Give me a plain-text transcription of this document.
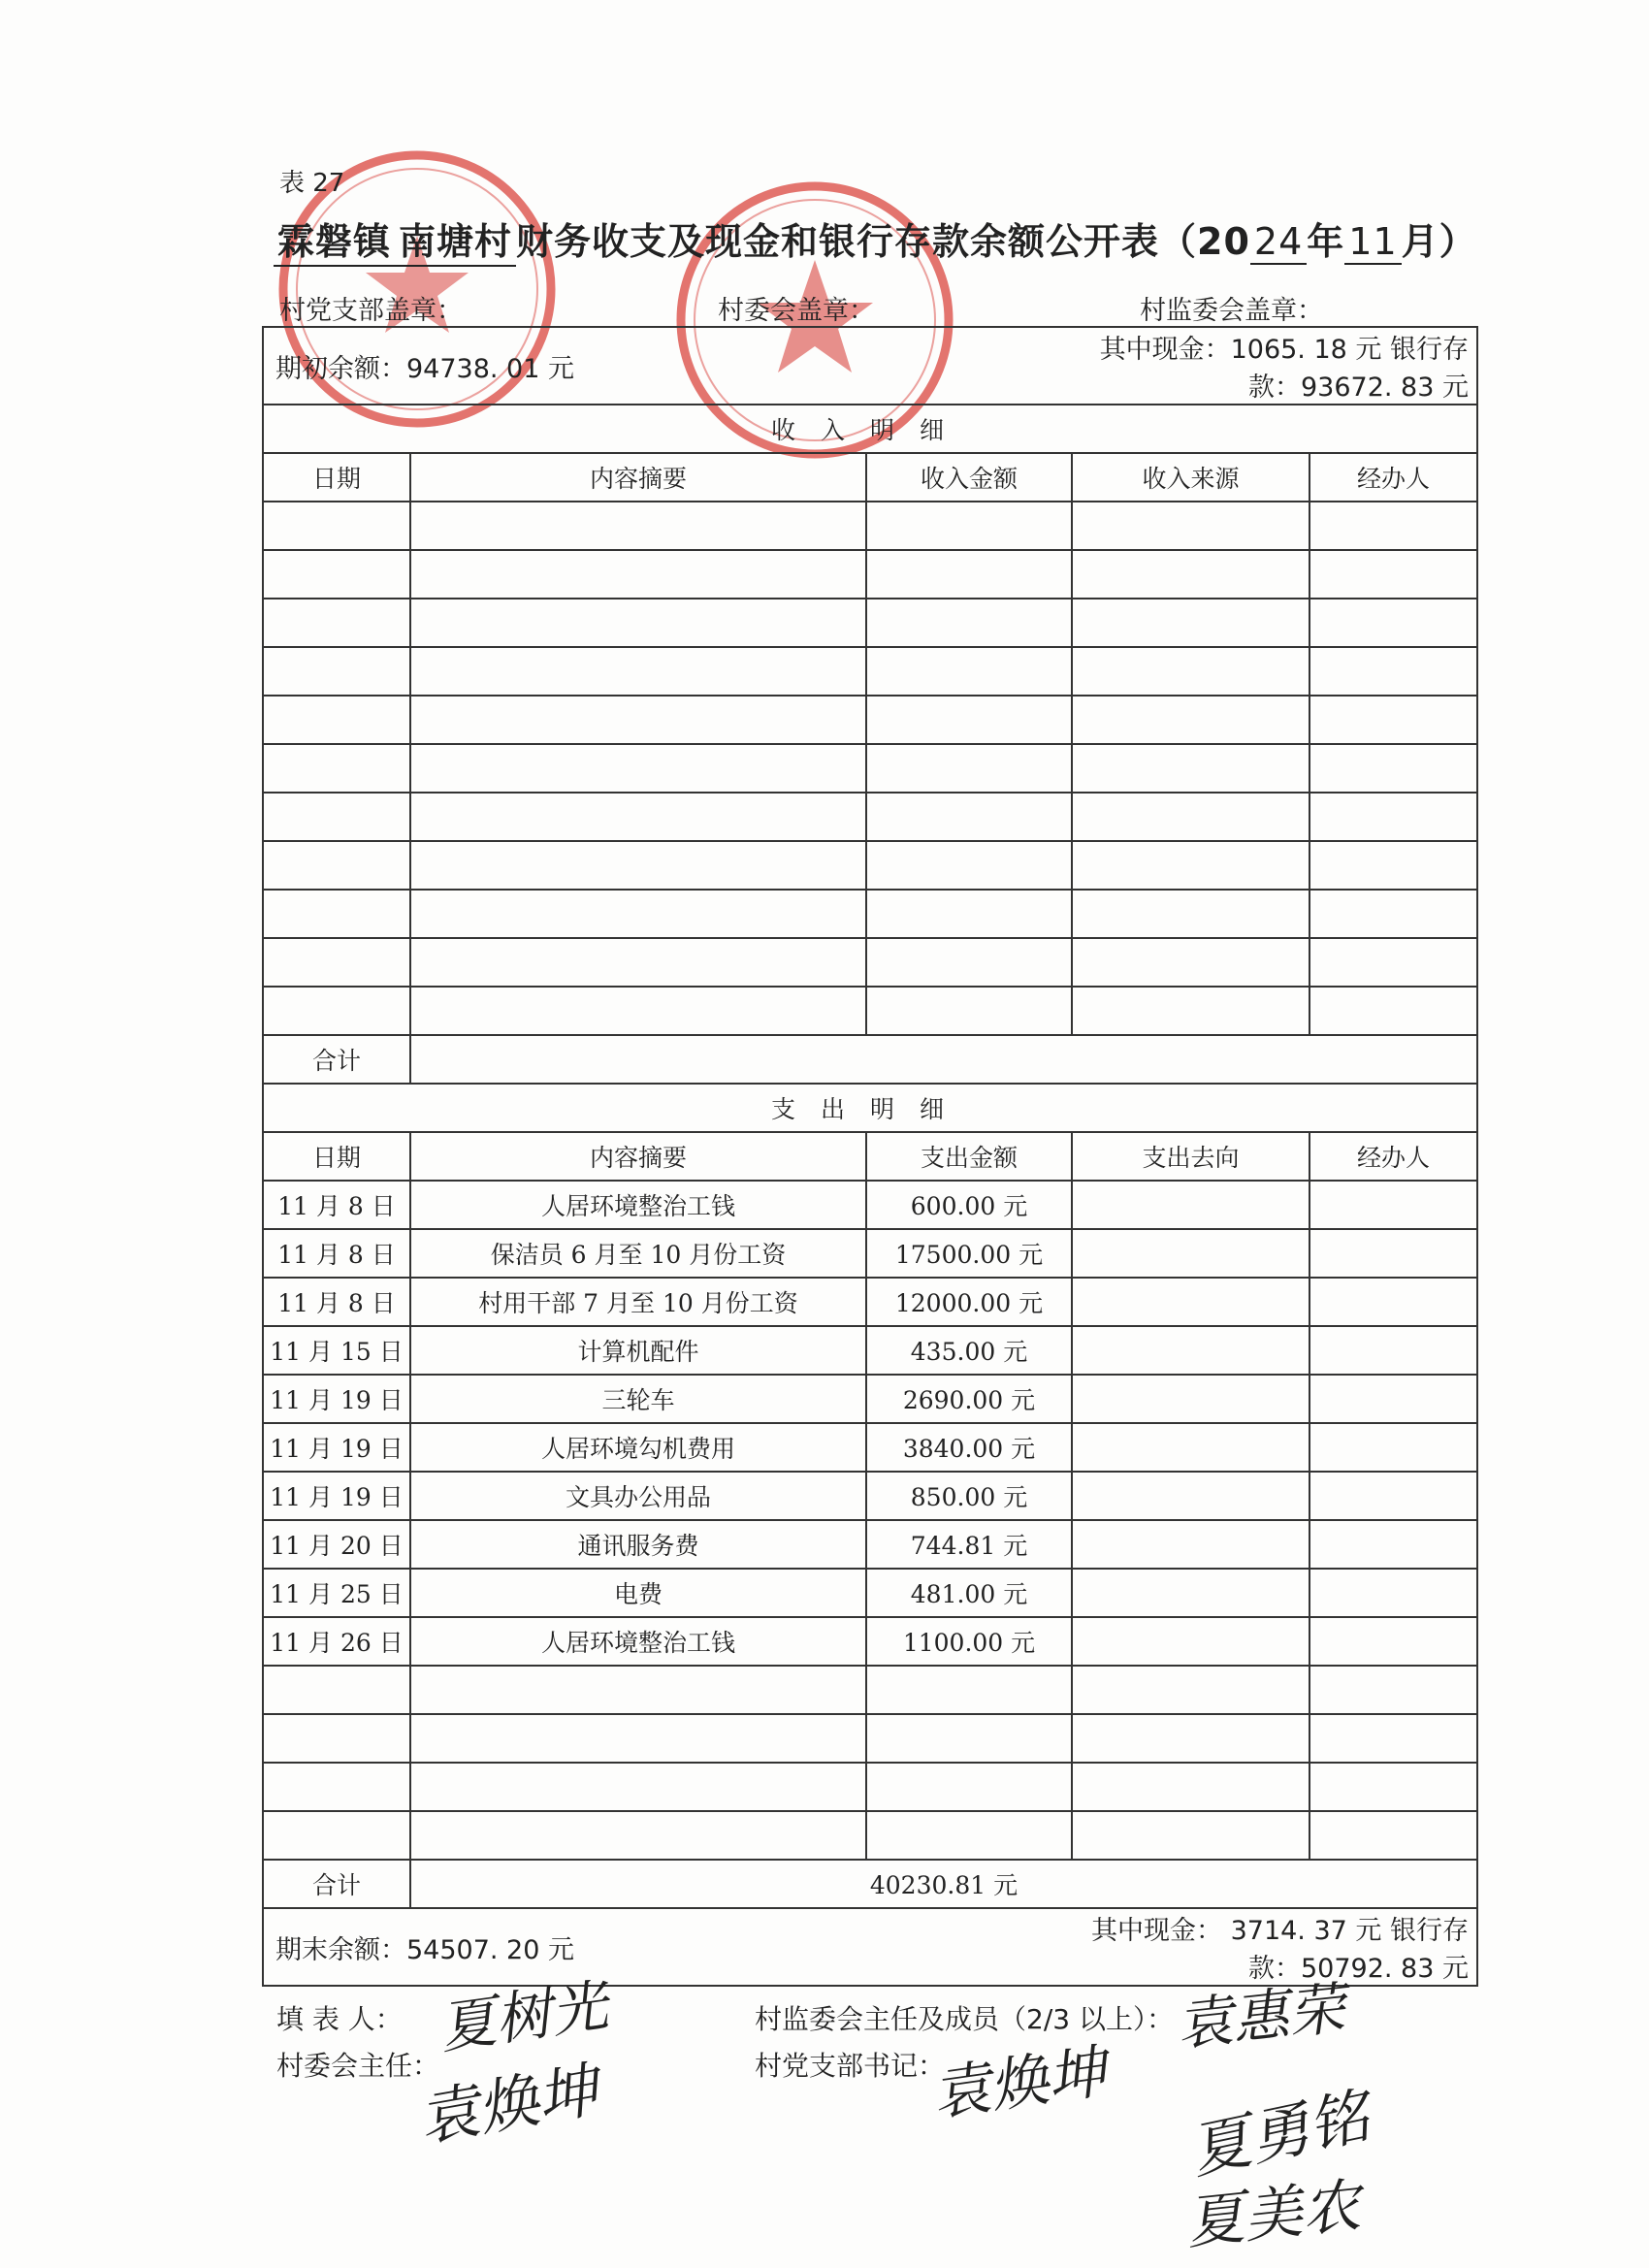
表 27
霖磐镇 南塘村 财务收支及现金和银行存款余额公开表（20 24 年 11 月）
村党支部盖章：	村委会盖章：	村监委会盖章：
期初余额：94738. 01 元			其中现金：1065. 18 元 银行存款：93672. 83 元	
收入明细				
日期	内容摘要	收入金额	收入来源	经办人

合计				
支出明细				
日期	内容摘要	支出金额	支出去向	经办人
11 月 8 日	人居环境整治工钱	600.00 元		
11 月 8 日	保洁员 6 月至 10 月份工资	17500.00 元		
11 月 8 日	村用干部 7 月至 10 月份工资	12000.00 元		
11 月 15 日	计算机配件	435.00 元		
11 月 19 日	三轮车	2690.00 元		
11 月 19 日	人居环境勾机费用	3840.00 元		
11 月 19 日	文具办公用品	850.00 元		
11 月 20 日	通讯服务费	744.81 元		
11 月 25 日	电费	481.00 元		
11 月 26 日	人居环境整治工钱	1100.00 元		

合计	40230.81 元			
期末余额：54507. 20 元			其中现金： 3714. 37 元 银行存款：50792. 83 元	
填 表 人：
村委会主任：
村监委会主任及成员（2/3 以上）：
村党支部书记：
夏树光
袁焕坤
袁惠荣
袁焕坤 夏勇铭
夏美农
